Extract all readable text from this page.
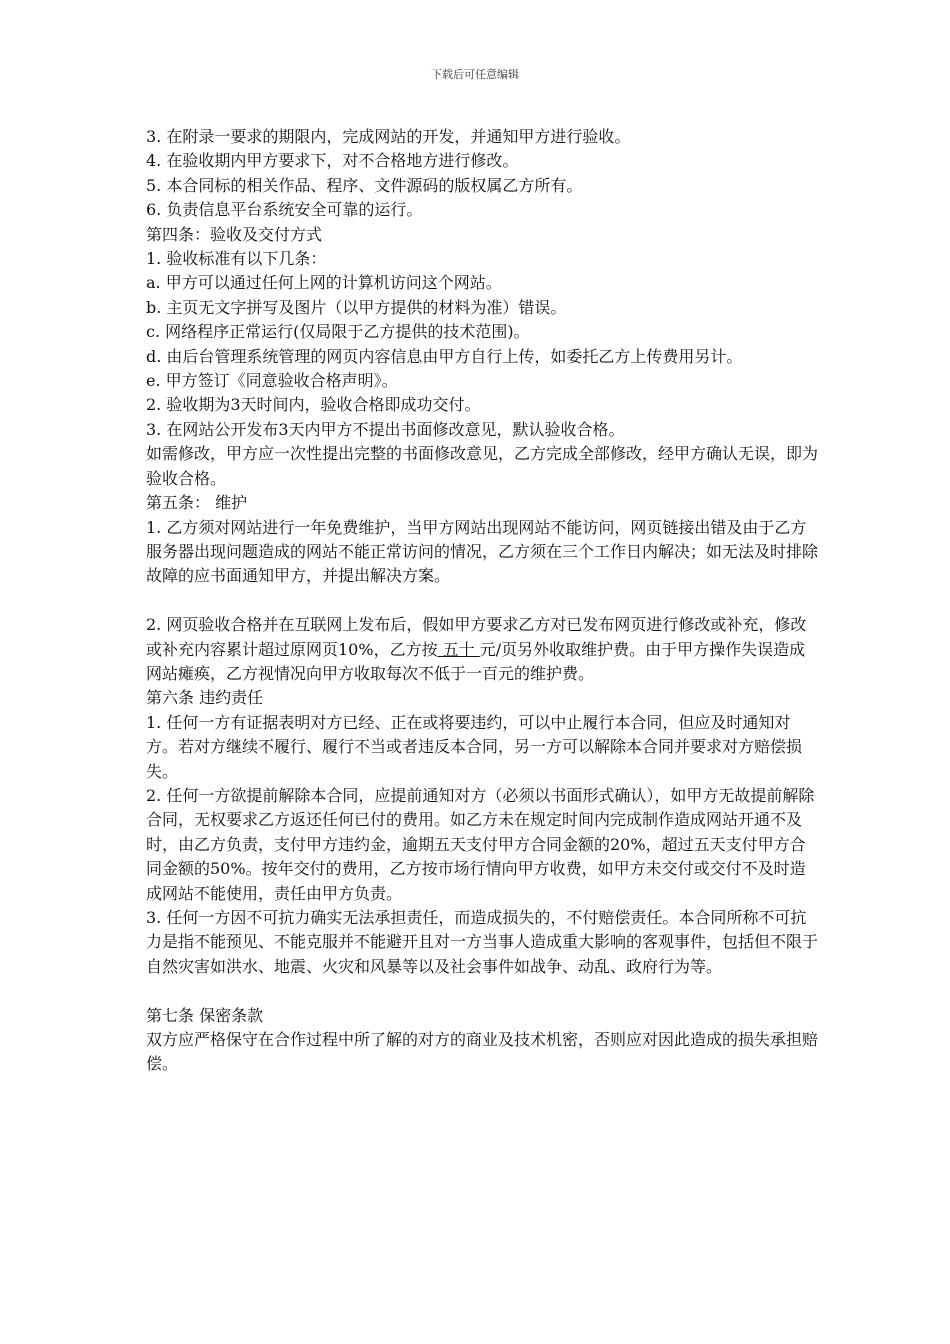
下载后可任意编辑

3. 在附录一要求的期限内，完成网站的开发，并通知甲方进行验收。

4. 在验收期内甲方要求下，对不合格地方进行修改。

5. 本合同标的相关作品、程序、文件源码的版权属乙方所有。

6. 负责信息平台系统安全可靠的运行。

第四条：验收及交付方式

1. 验收标准有以下几条：

a. 甲方可以通过任何上网的计算机访问这个网站。

b. 主页无文字拼写及图片（以甲方提供的材料为准）错误。

c. 网络程序正常运行(仅局限于乙方提供的技术范围)。

d. 由后台管理系统管理的网页内容信息由甲方自行上传，如委托乙方上传费用另计。

e. 甲方签订《同意验收合格声明》。

2. 验收期为3天时间内，验收合格即成功交付。

3. 在网站公开发布3天内甲方不提出书面修改意见，默认验收合格。

如需修改，甲方应一次性提出完整的书面修改意见，乙方完成全部修改，经甲方确认无误，即为验收合格。

第五条： 维护

1. 乙方须对网站进行一年免费维护，当甲方网站出现网站不能访问，网页链接出错及由于乙方服务器出现问题造成的网站不能正常访问的情况，乙方须在三个工作日内解决；如无法及时排除故障的应书面通知甲方，并提出解决方案。

2. 网页验收合格并在互联网上发布后，假如甲方要求乙方对已发布网页进行修改或补充，修改或补充内容累计超过原网页10%，乙方按 五十 元/页另外收取维护费。由于甲方操作失误造成网站瘫痪，乙方视情况向甲方收取每次不低于一百元的维护费。

第六条 违约责任

1. 任何一方有证据表明对方已经、正在或将要违约，可以中止履行本合同，但应及时通知对方。若对方继续不履行、履行不当或者违反本合同，另一方可以解除本合同并要求对方赔偿损失。

2. 任何一方欲提前解除本合同，应提前通知对方（必须以书面形式确认），如甲方无故提前解除合同，无权要求乙方返还任何已付的费用。如乙方未在规定时间内完成制作造成网站开通不及时，由乙方负责，支付甲方违约金，逾期五天支付甲方合同金额的20%，超过五天支付甲方合同金额的50%。按年交付的费用，乙方按市场行情向甲方收费，如甲方未交付或交付不及时造成网站不能使用，责任由甲方负责。

3. 任何一方因不可抗力确实无法承担责任，而造成损失的，不付赔偿责任。本合同所称不可抗力是指不能预见、不能克服并不能避开且对一方当事人造成重大影响的客观事件，包括但不限于自然灾害如洪水、地震、火灾和风暴等以及社会事件如战争、动乱、政府行为等。

第七条 保密条款

双方应严格保守在合作过程中所了解的对方的商业及技术机密，否则应对因此造成的损失承担赔偿。
